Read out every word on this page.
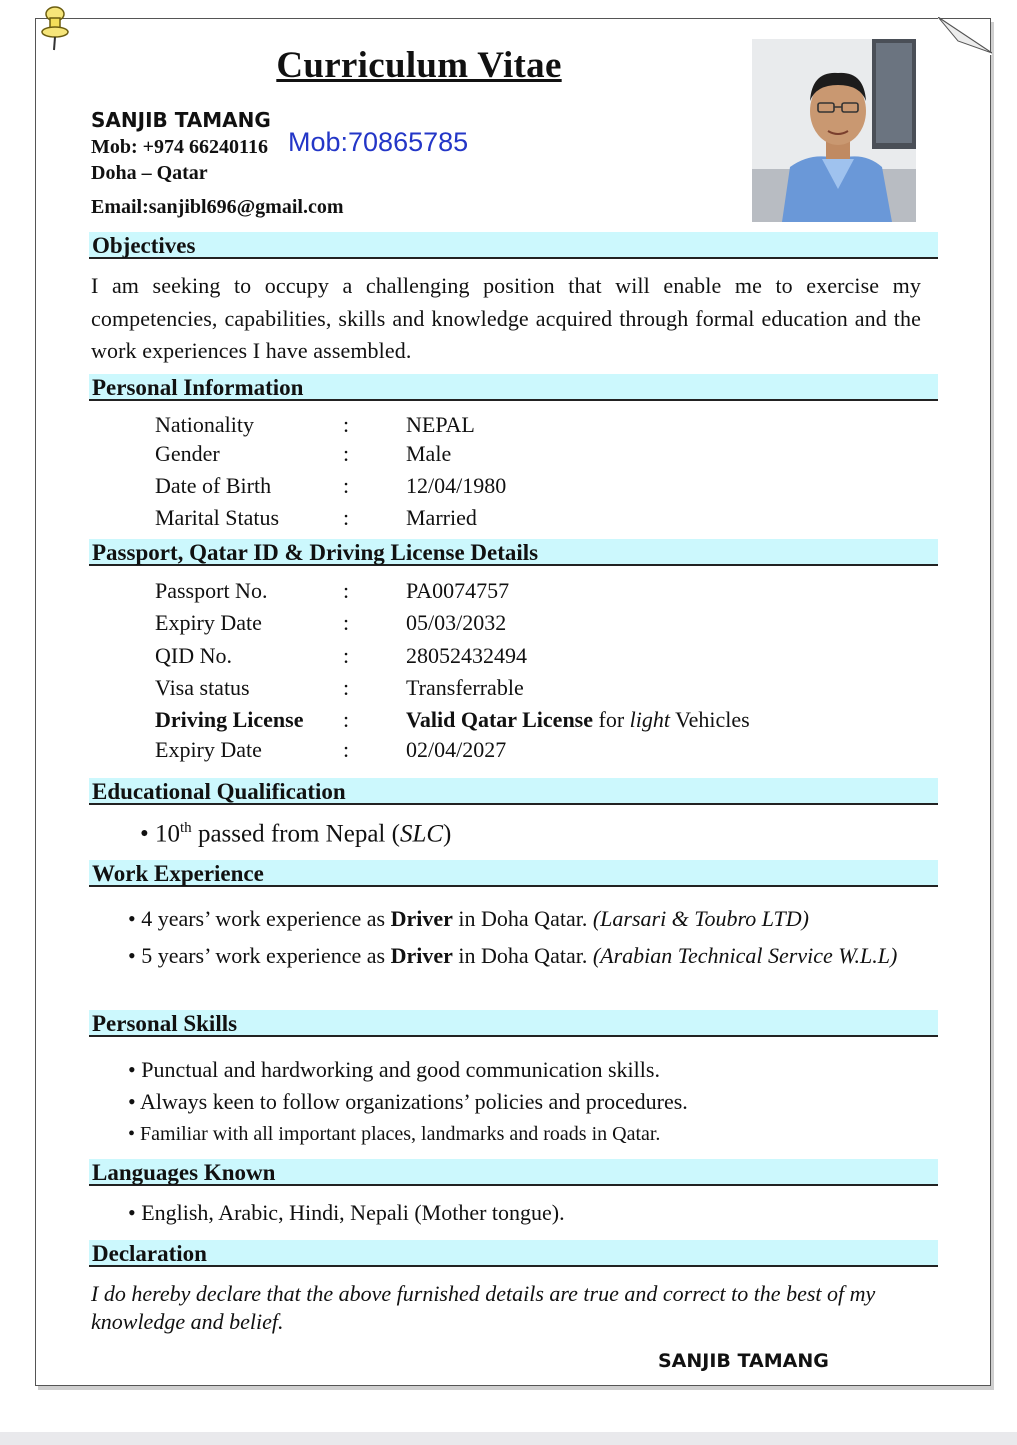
Curriculum Vitae
SANJIB TAMANG
Mob: +974 66240116 Mob:70865785
Doha – Qatar
Email:sanjibl696@gmail.com
Objectives
I am seeking to occupy a challenging position that will enable me to exercise my competencies, capabilities, skills and knowledge acquired through formal education and the work experiences I have assembled.
Personal Information
Nationality	:	NEPAL
Gender	:	Male
Date of Birth	:	12/04/1980
Marital Status	:	Married
Passport, Qatar ID & Driving License Details
Passport No.	:	PA0074757
Expiry Date	:	05/03/2032
QID No.	:	28052432494
Visa status	:	Transferrable
Driving License :	Valid Qatar License for light Vehicles
Expiry Date	:	02/04/2027
Educational Qualification
• 10th passed from Nepal (SLC)
Work Experience
• 4 years’ work experience as Driver in Doha Qatar. (Larsari & Toubro LTD)
• 5 years’ work experience as Driver in Doha Qatar. (Arabian Technical Service W.L.L)
Personal Skills
• Punctual and hardworking and good communication skills.
• Always keen to follow organizations’ policies and procedures.
• Familiar with all important places, landmarks and roads in Qatar.
Languages Known
• English, Arabic, Hindi, Nepali (Mother tongue).
Declaration
I do hereby declare that the above furnished details are true and correct to the best of my knowledge and belief.
SANJIB TAMANG
